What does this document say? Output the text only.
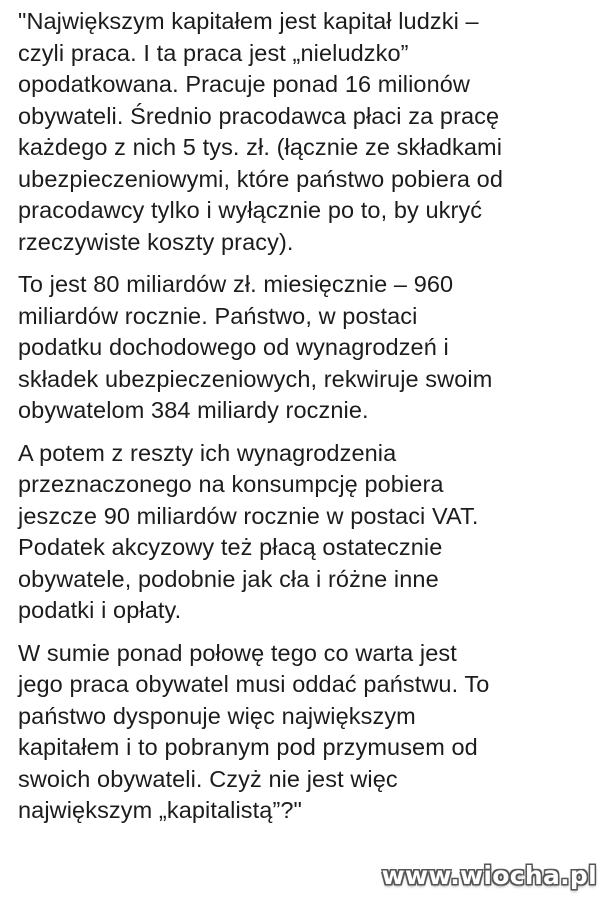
"Największym kapitałem jest kapitał ludzki –
czyli praca. I ta praca jest „nieludzko”
opodatkowana. Pracuje ponad 16 milionów
obywateli. Średnio pracodawca płaci za pracę
każdego z nich 5 tys. zł. (łącznie ze składkami
ubezpieczeniowymi, które państwo pobiera od
pracodawcy tylko i wyłącznie po to, by ukryć
rzeczywiste koszty pracy).
To jest 80 miliardów zł. miesięcznie – 960
miliardów rocznie. Państwo, w postaci
podatku dochodowego od wynagrodzeń i
składek ubezpieczeniowych, rekwiruje swoim
obywatelom 384 miliardy rocznie.
A potem z reszty ich wynagrodzenia
przeznaczonego na konsumpcję pobiera
jeszcze 90 miliardów rocznie w postaci VAT.
Podatek akcyzowy też płacą ostatecznie
obywatele, podobnie jak cła i różne inne
podatki i opłaty.
W sumie ponad połowę tego co warta jest
jego praca obywatel musi oddać państwu. To
państwo dysponuje więc największym
kapitałem i to pobranym pod przymusem od
swoich obywateli. Czyż nie jest więc
największym „kapitalistą”?"
www.wiocha.pl
